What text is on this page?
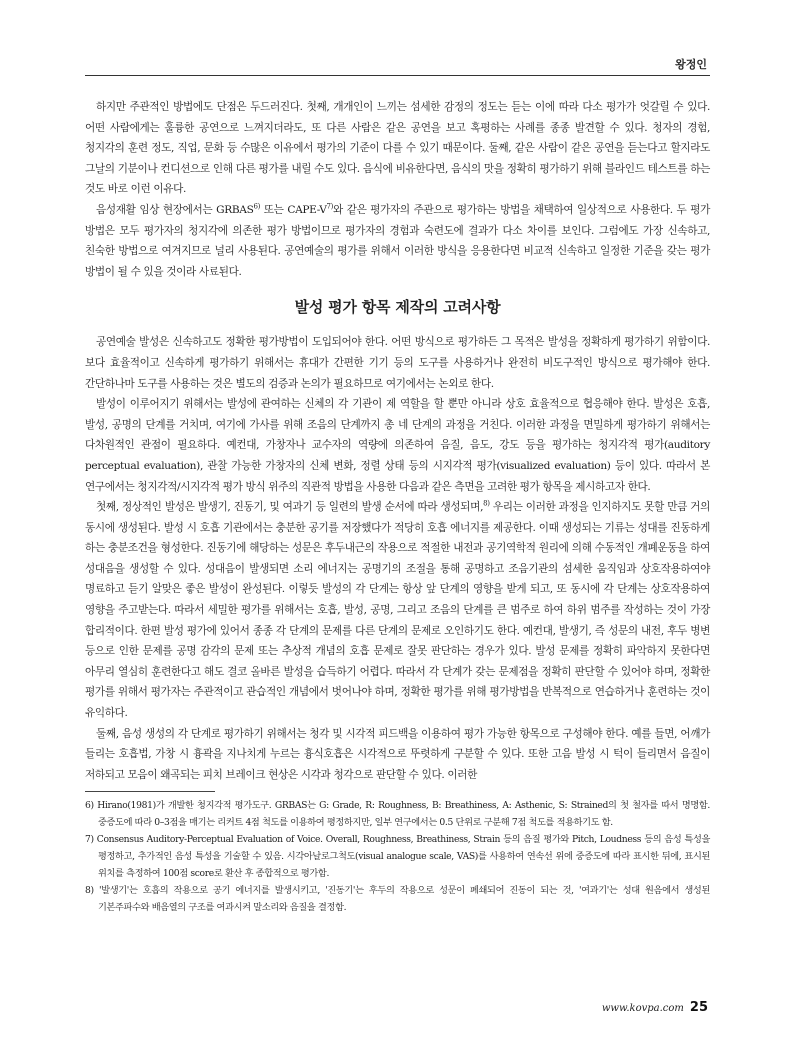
왕정인

하지만 주관적인 방법에도 단점은 두드러진다. 첫째, 개개인이 느끼는 섬세한 감정의 정도는 듣는 이에 따라 다소 평가가 엇갈릴 수 있다. 어떤 사람에게는 훌륭한 공연으로 느껴지더라도, 또 다른 사람은 같은 공연을 보고 혹평하는 사례를 종종 발견할 수 있다. 청자의 경험, 청지각의 훈련 정도, 직업, 문화 등 수많은 이유에서 평가의 기준이 다를 수 있기 때문이다. 둘째, 같은 사람이 같은 공연을 듣는다고 할지라도 그날의 기분이나 컨디션으로 인해 다른 평가를 내릴 수도 있다. 음식에 비유한다면, 음식의 맛을 정확히 평가하기 위해 블라인드 테스트를 하는 것도 바로 이런 이유다.

음성재활 임상 현장에서는 GRBAS$^{6)}$ 또는 CAPE-$V^{7)}$와 같은 평가자의 주관으로 평가하는 방법을 채택하여 일상적으로 사용한다. 두 평가 방법은 모두 평가자의 청지각에 의존한 평가 방법이므로 평가자의 경험과 숙련도에 결과가 다소 차이를 보인다. 그럼에도 가장 신속하고, 친숙한 방법으로 여겨지므로 널리 사용된다. 공연예술의 평가를 위해서 이러한 방식을 응용한다면 비교적 신속하고 일정한 기준을 갖는 평가 방법이 될 수 있을 것이라 사료된다.

발성 평가 항목 제작의 고려사항

공연예술 발성은 신속하고도 정확한 평가방법이 도입되어야 한다. 어떤 방식으로 평가하든 그 목적은 발성을 정확하게 평가하기 위함이다. 보다 효율적이고 신속하게 평가하기 위해서는 휴대가 간편한 기기 등의 도구를 사용하거나 완전히 비도구적인 방식으로 평가해야 한다. 간단하나마 도구를 사용하는 것은 별도의 검증과 논의가 필요하므로 여기에서는 논외로 한다.

발성이 이루어지기 위해서는 발성에 관여하는 신체의 각 기관이 제 역할을 할 뿐만 아니라 상호 효율적으로 협응해야 한다. 발성은 호흡, 발성, 공명의 단계를 거치며, 여기에 가사를 위해 조음의 단계까지 총 네 단계의 과정을 거친다. 이러한 과정을 면밀하게 평가하기 위해서는 다차원적인 관점이 필요하다. 예컨대, 가창자나 교수자의 역량에 의존하여 음질, 음도, 강도 등을 평가하는 청지각적 평가(auditory perceptual evaluation), 관찰 가능한 가창자의 신체 변화, 정렬 상태 등의 시지각적 평가(visualized evaluation) 등이 있다. 따라서 본 연구에서는 청지각적/시지각적 평가 방식 위주의 직관적 방법을 사용한 다음과 같은 측면을 고려한 평가 항목을 제시하고자 한다.

첫째, 정상적인 발성은 발생기, 진동기, 및 여과기 등 일련의 발생 순서에 따라 생성되며,$^{8)}$ 우리는 이러한 과정을 인지하지도 못할 만큼 거의 동시에 생성된다. 발성 시 호흡 기관에서는 충분한 공기를 저장했다가 적당히 호흡 에너지를 제공한다. 이때 생성되는 기류는 성대를 진동하게 하는 충분조건을 형성한다. 진동기에 해당하는 성문은 후두내근의 작용으로 적절한 내전과 공기역학적 원리에 의해 수동적인 개폐운동을 하여 성대음을 생성할 수 있다. 성대음이 발생되면 소리 에너지는 공명기의 조절을 통해 공명하고 조음기관의 섬세한 움직임과 상호작용하여야 명료하고 듣기 알맞은 좋은 발성이 완성된다. 이렇듯 발성의 각 단계는 항상 앞 단계의 영향을 받게 되고, 또 동시에 각 단계는 상호작용하여 영향을 주고받는다. 따라서 세밀한 평가를 위해서는 호흡, 발성, 공명, 그리고 조음의 단계를 큰 범주로 하여 하위 범주를 작성하는 것이 가장 합리적이다. 한편 발성 평가에 있어서 종종 각 단계의 문제를 다른 단계의 문제로 오인하기도 한다. 예컨대, 발생기, 즉 성문의 내전, 후두 병변 등으로 인한 문제를 공명 감각의 문제 또는 추상적 개념의 호흡 문제로 잘못 판단하는 경우가 있다. 발성 문제를 정확히 파악하지 못한다면 아무리 열심히 훈련한다고 해도 결코 올바른 발성을 습득하기 어렵다. 따라서 각 단계가 갖는 문제점을 정확히 판단할 수 있어야 하며, 정확한 평가를 위해서 평가자는 주관적이고 관습적인 개념에서 벗어나야 하며, 정확한 평가를 위해 평가방법을 반복적으로 연습하거나 훈련하는 것이 유익하다.

둘째, 음성 생성의 각 단계로 평가하기 위해서는 청각 및 시각적 피드백을 이용하여 평가 가능한 항목으로 구성해야 한다. 예를 들면, 어깨가 들리는 호흡법, 가창 시 흉곽을 지나치게 누르는 흉식호흡은 시각적으로 뚜렷하게 구분할 수 있다. 또한 고음 발성 시 턱이 들리면서 음질이 저하되고 모음이 왜곡되는 피치 브레이크 현상은 시각과 청각으로 판단할 수 있다. 이러한

6) Hirano(1981)가 개발한 청지각적 평가도구. GRBAS는 G: Grade, R: Roughness, B: Breathiness, A: Asthenic, S: Strained의 첫 철자를 따서 명명함. 중증도에 따라 0–3점을 매기는 리커트 4점 척도를 이용하여 평정하지만, 일부 연구에서는 0.5 단위로 구분해 7점 척도를 적용하기도 함.
7) Consensus Auditory-Perceptual Evaluation of Voice. Overall, Roughness, Breathiness, Strain 등의 음질 평가와 Pitch, Loudness 등의 음성 특성을 평정하고, 추가적인 음성 특성을 기술할 수 있음. 시각아날로그척도(visual analogue scale, VAS)를 사용하여 연속선 위에 중증도에 따라 표시한 뒤에, 표시된 위치를 측정하여 100점 score로 환산 후 종합적으로 평가함.
8) '발생기'는 호흡의 작용으로 공기 에너지를 발생시키고, '진동기'는 후두의 작용으로 성문이 폐쇄되어 진동이 되는 것, '여과기'는 성대 원음에서 생성된 기본주파수와 배음열의 구조를 여과시켜 말소리와 음질을 결정함.
www.kovpa.com 25
